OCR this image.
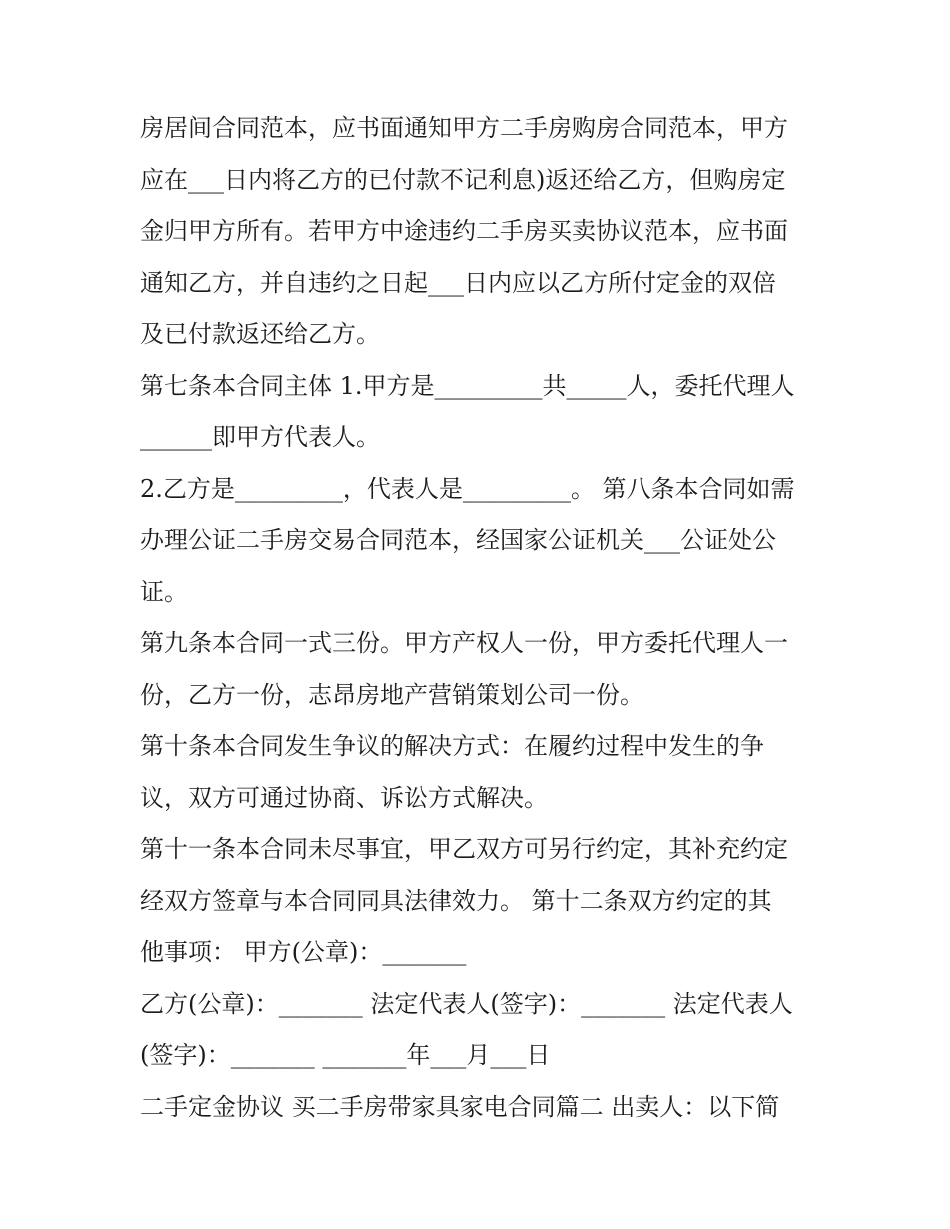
房居间合同范本，应书面通知甲方二手房购房合同范本，甲方
应在___日内将乙方的已付款不记利息)返还给乙方，但购房定
金归甲方所有。若甲方中途违约二手房买卖协议范本，应书面
通知乙方，并自违约之日起___日内应以乙方所付定金的双倍
及已付款返还给乙方。
第七条本合同主体 1.甲方是_________共_____人，委托代理人
______即甲方代表人。
2.乙方是_________，代表人是_________。 第八条本合同如需
办理公证二手房交易合同范本，经国家公证机关___公证处公
证。
第九条本合同一式三份。甲方产权人一份，甲方委托代理人一
份，乙方一份，志昂房地产营销策划公司一份。
第十条本合同发生争议的解决方式：在履约过程中发生的争
议，双方可通过协商、诉讼方式解决。
第十一条本合同未尽事宜，甲乙双方可另行约定，其补充约定
经双方签章与本合同同具法律效力。 第十二条双方约定的其
他事项： 甲方(公章)：_______
乙方(公章)：_______ 法定代表人(签字)：_______ 法定代表人
(签字)：_______ _______年___月___日
二手定金协议 买二手房带家具家电合同篇二 出卖人：以下简
